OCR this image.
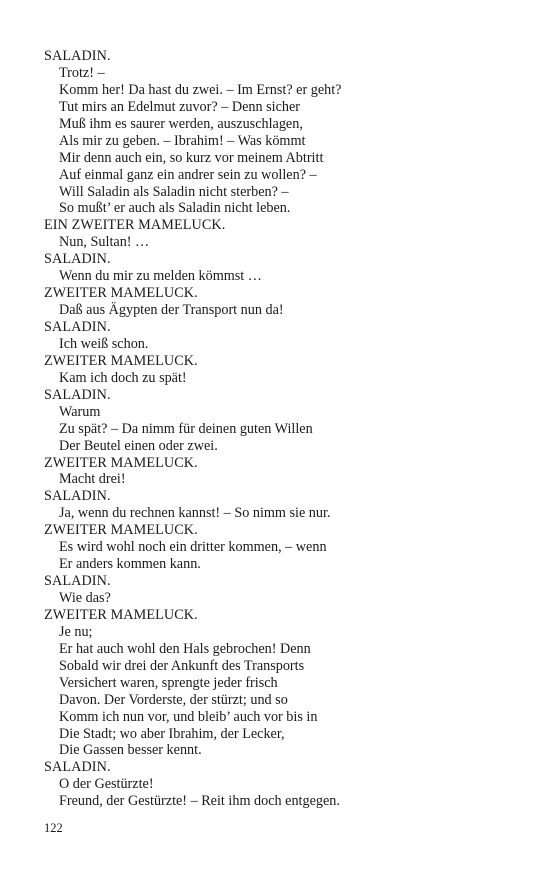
SALADIN.
Trotz! –
Komm her! Da hast du zwei. – Im Ernst? er geht?
Tut mirs an Edelmut zuvor? – Denn sicher
Muß ihm es saurer werden, auszuschlagen,
Als mir zu geben. – Ibrahim! – Was kömmt
Mir denn auch ein, so kurz vor meinem Abtritt
Auf einmal ganz ein andrer sein zu wollen? –
Will Saladin als Saladin nicht sterben? –
So mußt’ er auch als Saladin nicht leben.
EIN ZWEITER MAMELUCK.
Nun, Sultan! …
SALADIN.
Wenn du mir zu melden kömmst …
ZWEITER MAMELUCK.
Daß aus Ägypten der Transport nun da!
SALADIN.
Ich weiß schon.
ZWEITER MAMELUCK.
Kam ich doch zu spät!
SALADIN.
Warum
Zu spät? – Da nimm für deinen guten Willen
Der Beutel einen oder zwei.
ZWEITER MAMELUCK.
Macht drei!
SALADIN.
Ja, wenn du rechnen kannst! – So nimm sie nur.
ZWEITER MAMELUCK.
Es wird wohl noch ein dritter kommen, – wenn
Er anders kommen kann.
SALADIN.
Wie das?
ZWEITER MAMELUCK.
Je nu;
Er hat auch wohl den Hals gebrochen! Denn
Sobald wir drei der Ankunft des Transports
Versichert waren, sprengte jeder frisch
Davon. Der Vorderste, der stürzt; und so
Komm ich nun vor, und bleib’ auch vor bis in
Die Stadt; wo aber Ibrahim, der Lecker,
Die Gassen besser kennt.
SALADIN.
O der Gestürzte!
Freund, der Gestürzte! – Reit ihm doch entgegen.
122
